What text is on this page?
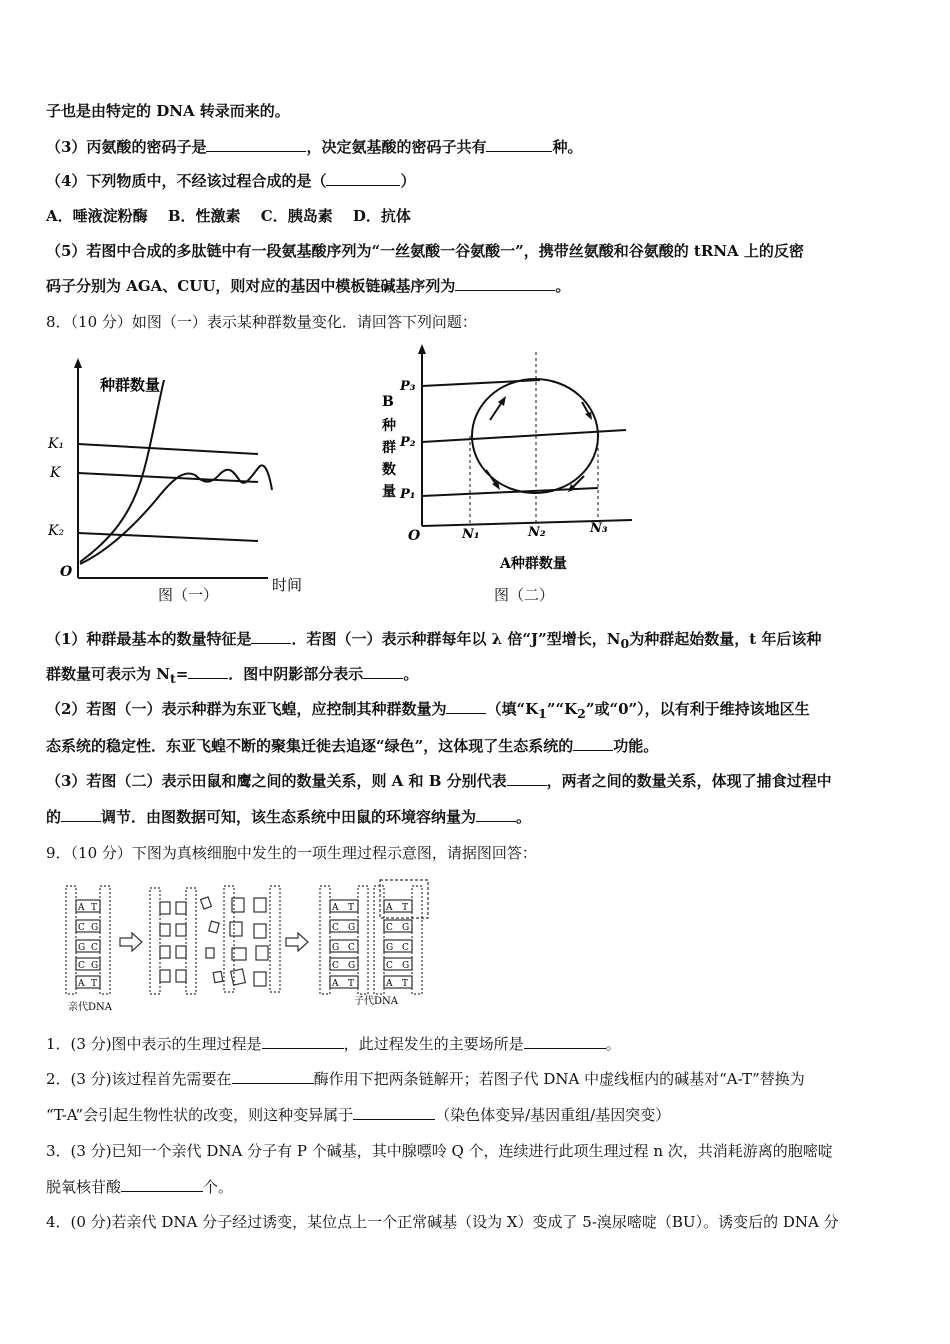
子也是由特定的 DNA 转录而来的。
（3）丙氨酸的密码子是	，决定氨基酸的密码子共有	种。
（4）下列物质中，不经该过程合成的是（	）
A．唾液淀粉酶　 B．性激素　 C．胰岛素　 D．抗体
（5）若图中合成的多肽链中有一段氨基酸序列为“一丝氨酸一谷氨酸一”，携带丝氨酸和谷氨酸的 tRNA 上的反密
码子分别为 AGA、CUU，则对应的基因中模板链碱基序列为	。
8．（10 分）如图（一）表示某种群数量变化．请回答下列问题：
种群数量
K₁
K
K₂
O
时间
图（一）
B
种
群
数
量
P₃
P₂
P₁
O	N₁	N₂	N₃
A种群数量
图（二）
（1）种群最基本的数量特征是	．若图（一）表示种群每年以 λ 倍“J”型增长，$N_0$为种群起始数量，t 年后该种
群数量可表示为 $N_t=$	．图中阴影部分表示	。
（2）若图（一）表示种群为东亚飞蝗，应控制其种群数量为	（填“$K_1”“K_2$”或“0”），以有利于维持该地区生
态系统的稳定性．东亚飞蝗不断的聚集迁徙去追逐“绿色”，这体现了生态系统的	功能。
（3）若图（二）表示田鼠和鹰之间的数量关系，则 A 和 B 分别代表	，两者之间的数量关系，体现了捕食过程中
的	调节．由图数据可知，该生态系统中田鼠的环境容纳量为	。
9．（10 分）下图为真核细胞中发生的一项生理过程示意图，请据图回答：
A T
C G
G C
C G
A T
A T
C G
G C
C G
A T
A T
C G
G C
C G
A T
亲代DNA
子代DNA
1．(3 分)图中表示的生理过程是	，此过程发生的主要场所是	。
2．(3 分)该过程首先需要在	酶作用下把两条链解开；若图子代 DNA 中虚线框内的碱基对“A-T”替换为
“T-A”会引起生物性状的改变，则这种变异属于	（染色体变异/基因重组/基因突变）
3．(3 分)已知一个亲代 DNA 分子有 P 个碱基，其中腺嘌呤 Q 个，连续进行此项生理过程 n 次，共消耗游离的胞嘧啶
脱氧核苷酸	个。
4．(0 分)若亲代 DNA 分子经过诱变，某位点上一个正常碱基（设为 X）变成了 5-溴尿嘧啶（BU）。诱变后的 DNA 分
